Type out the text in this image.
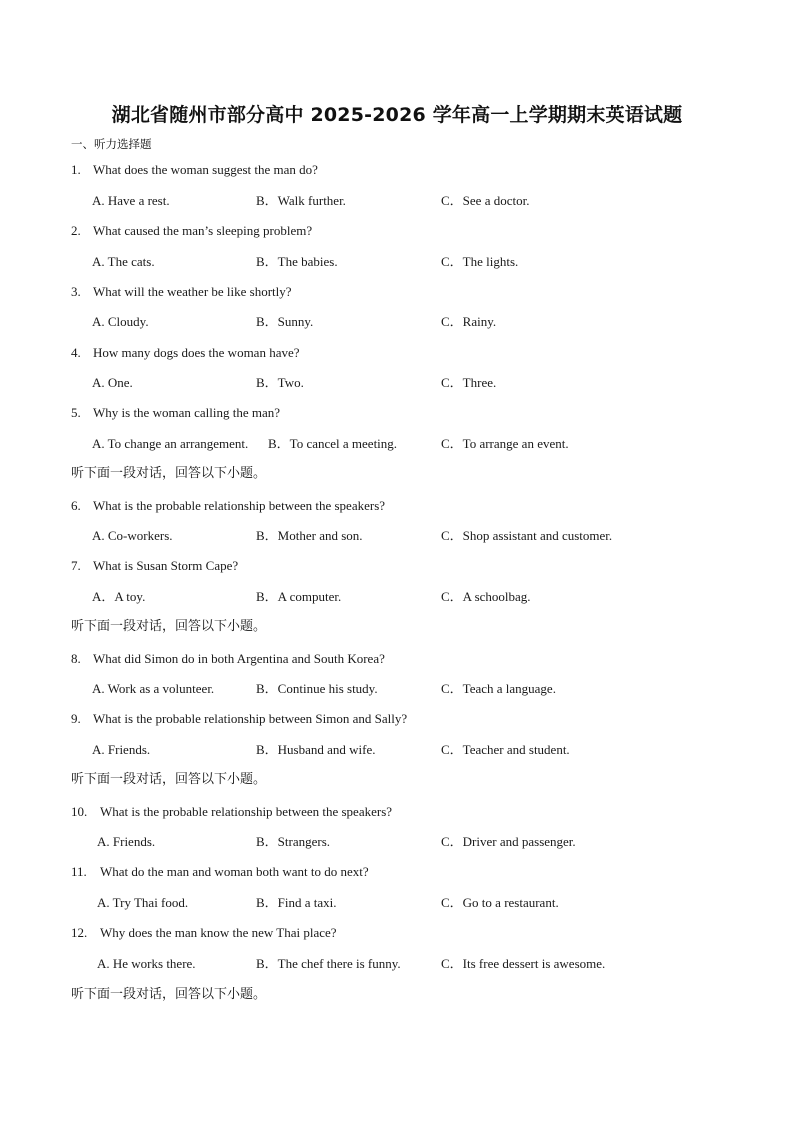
湖北省随州市部分高中 2025-2026 学年高一上学期期末英语试题
一、听力选择题
1. What does the woman suggest the man do?
A. Have a rest.	B．Walk further.	C．See a doctor.
2. What caused the man’s sleeping problem?
A. The cats.	B．The babies.	C．The lights.
3. What will the weather be like shortly?
A. Cloudy.	B．Sunny.	C．Rainy.
4. How many dogs does the woman have?
A. One.	B．Two.	C．Three.
5. Why is the woman calling the man?
A. To change an arrangement. B．To cancel a meeting.	C．To arrange an event.
听下面一段对话，回答以下小题。
6. What is the probable relationship between the speakers?
A. Co-workers.	B．Mother and son.	C．Shop assistant and customer.
7. What is Susan Storm Cape?
A．A toy.	B．A computer.	C．A schoolbag.
听下面一段对话，回答以下小题。
8. What did Simon do in both Argentina and South Korea?
A. Work as a volunteer.	B．Continue his study.	C．Teach a language.
9. What is the probable relationship between Simon and Sally?
A. Friends.	B．Husband and wife.	C．Teacher and student.
听下面一段对话，回答以下小题。
10. What is the probable relationship between the speakers?
A. Friends.	B．Strangers.	C．Driver and passenger.
11. What do the man and woman both want to do next?
A. Try Thai food.	B．Find a taxi.	C．Go to a restaurant.
12. Why does the man know the new Thai place?
A. He works there.	B．The chef there is funny.	C．Its free dessert is awesome.
听下面一段对话，回答以下小题。
